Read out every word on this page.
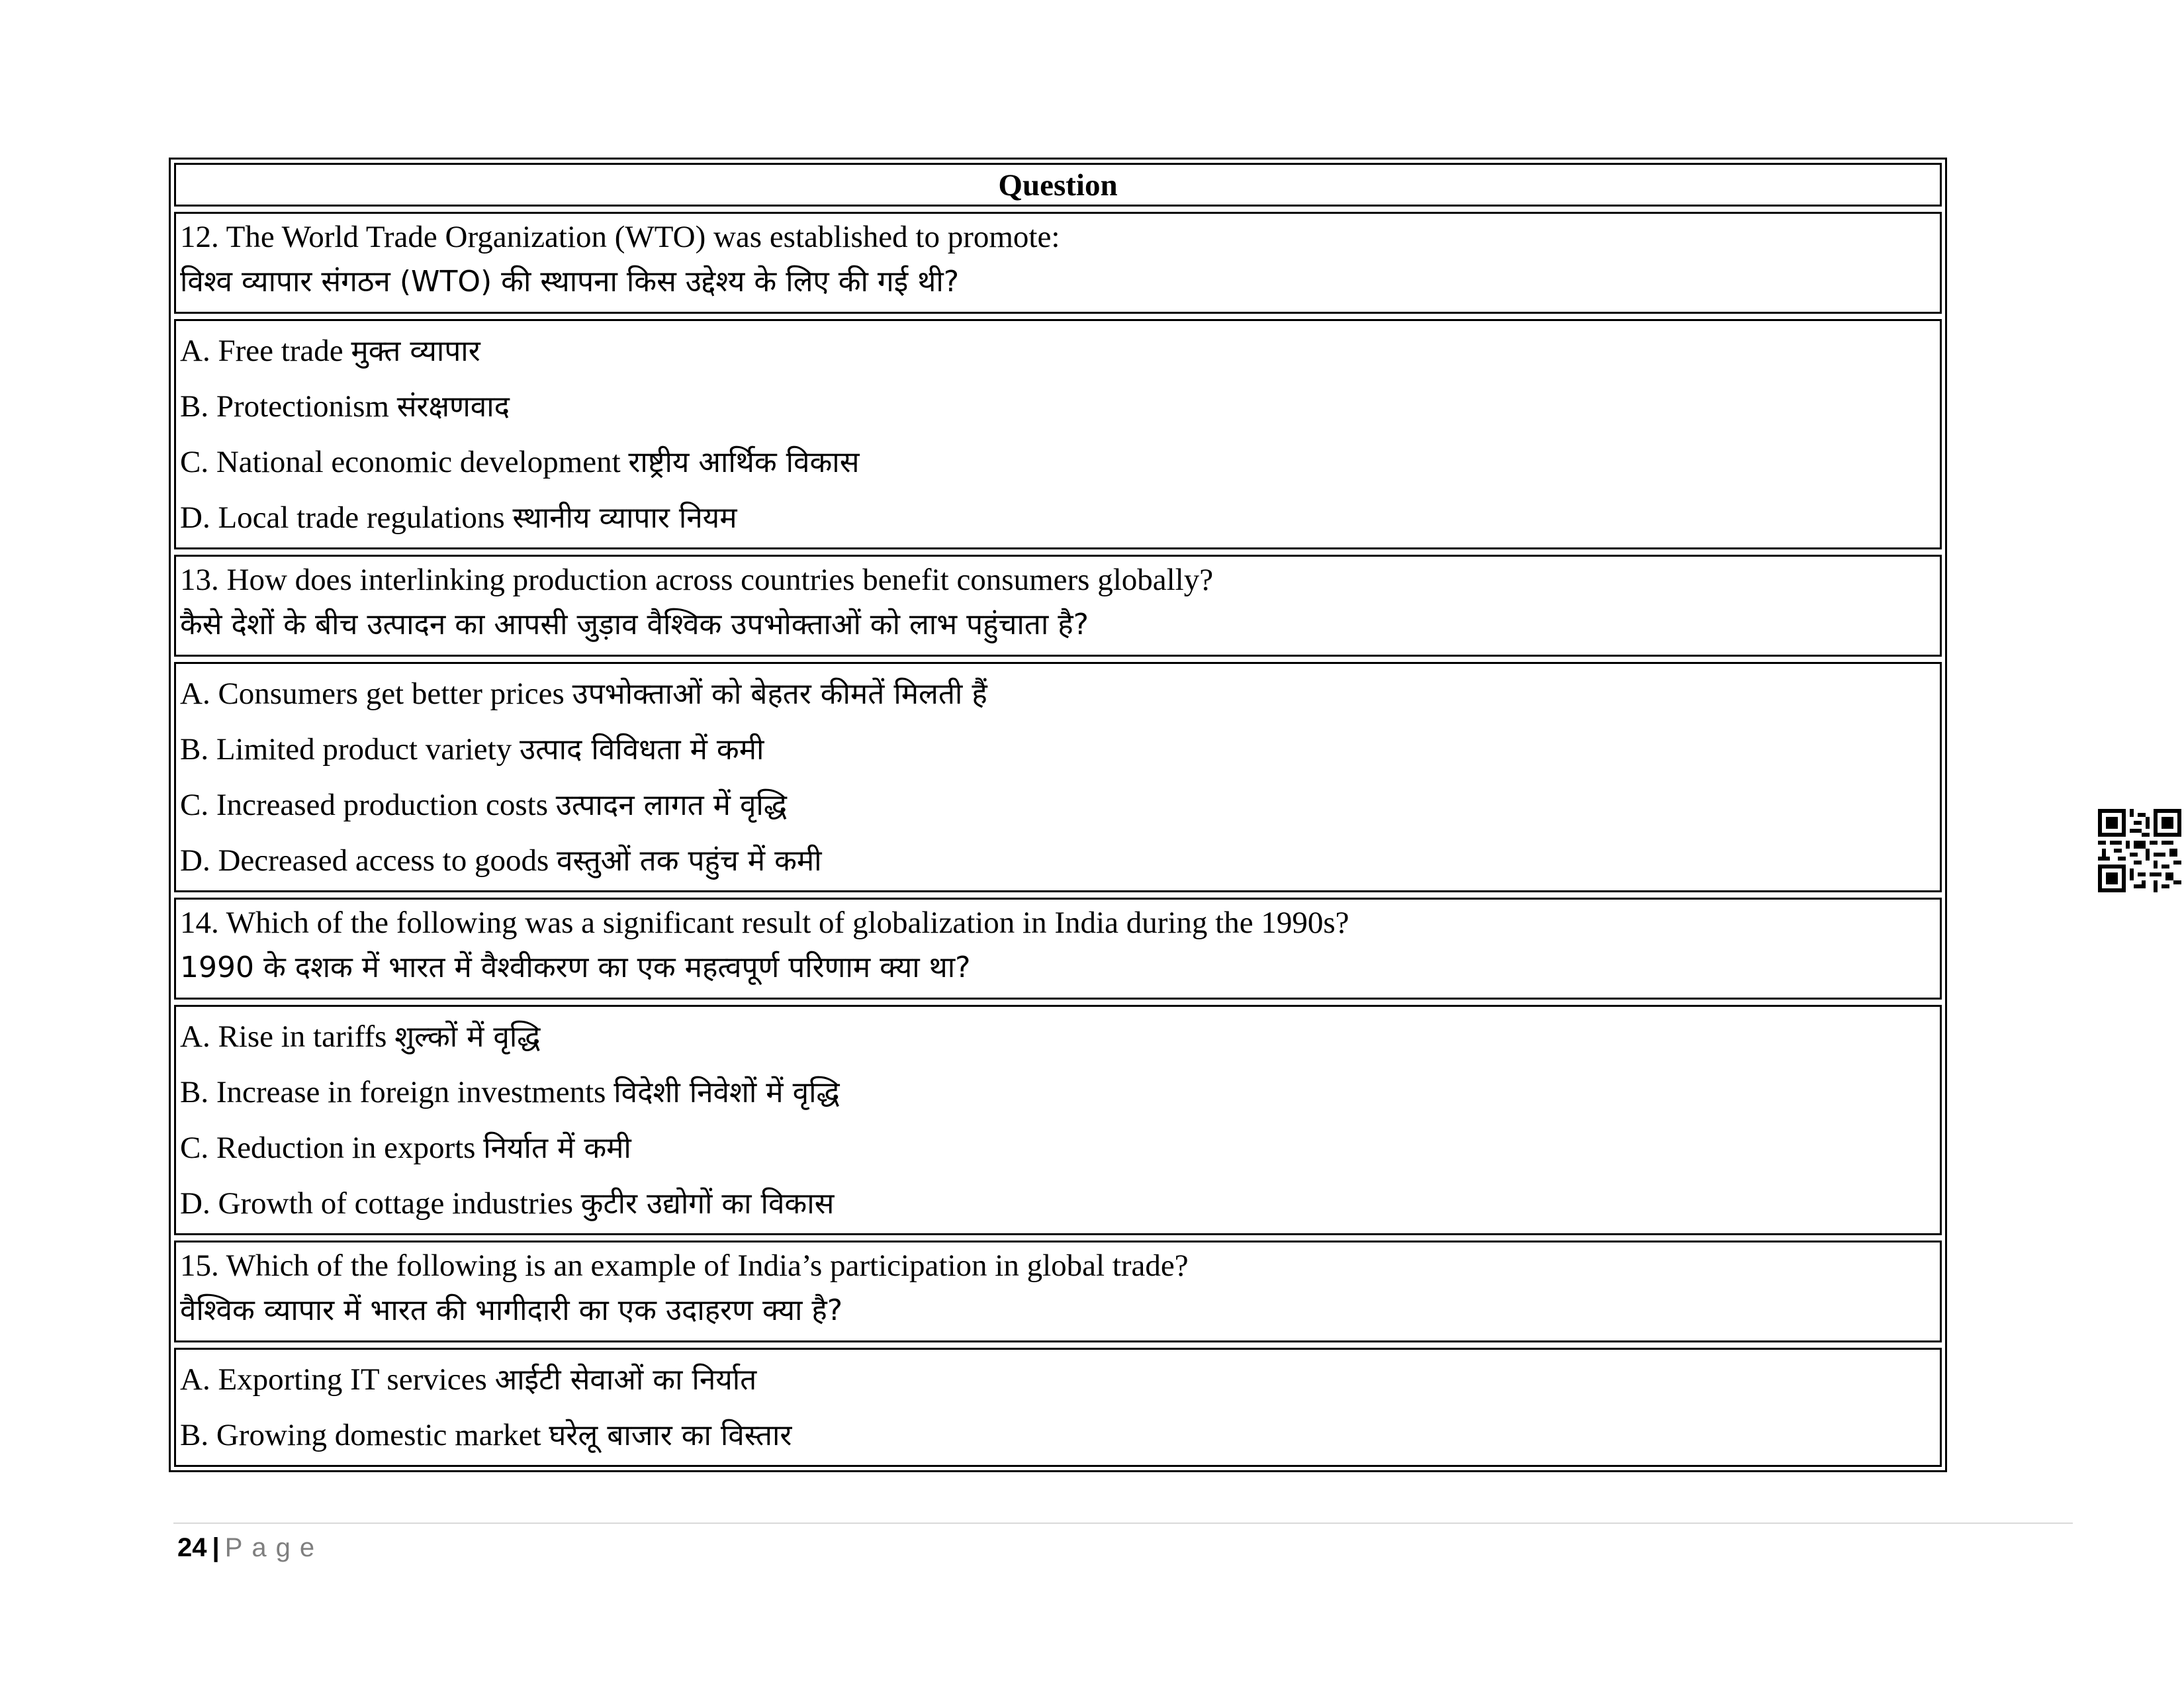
Question
12. The World Trade Organization (WTO) was established to promote:
विश्व व्यापार संगठन (WTO) की स्थापना किस उद्देश्य के लिए की गई थी?
A. Free trade मुक्त व्यापार
B. Protectionism संरक्षणवाद
C. National economic development राष्ट्रीय आर्थिक विकास
D. Local trade regulations स्थानीय व्यापार नियम
13. How does interlinking production across countries benefit consumers globally?
कैसे देशों के बीच उत्पादन का आपसी जुड़ाव वैश्विक उपभोक्ताओं को लाभ पहुंचाता है?
A. Consumers get better prices उपभोक्ताओं को बेहतर कीमतें मिलती हैं
B. Limited product variety उत्पाद विविधता में कमी
C. Increased production costs उत्पादन लागत में वृद्धि
D. Decreased access to goods वस्तुओं तक पहुंच में कमी
14. Which of the following was a significant result of globalization in India during the 1990s?
1990 के दशक में भारत में वैश्वीकरण का एक महत्वपूर्ण परिणाम क्या था?
A. Rise in tariffs शुल्कों में वृद्धि
B. Increase in foreign investments विदेशी निवेशों में वृद्धि
C. Reduction in exports निर्यात में कमी
D. Growth of cottage industries कुटीर उद्योगों का विकास
15. Which of the following is an example of India’s participation in global trade?
वैश्विक व्यापार में भारत की भागीदारी का एक उदाहरण क्या है?
A. Exporting IT services आईटी सेवाओं का निर्यात
B. Growing domestic market घरेलू बाजार का विस्तार
24 | Page
